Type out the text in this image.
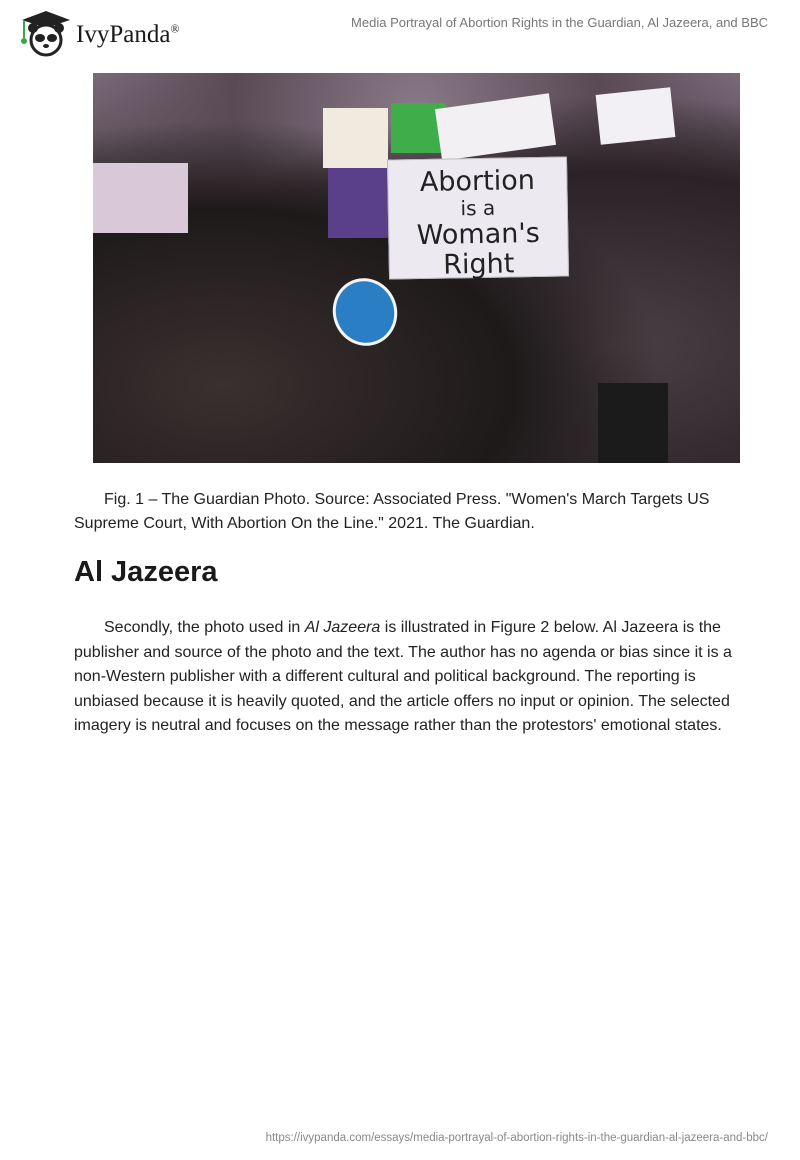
IvyPanda®	Media Portrayal of Abortion Rights in the Guardian, Al Jazeera, and BBC
Abortion
is a
Woman's Right
Fig. 1 – The Guardian Photo. Source: Associated Press. "Women's March Targets US Supreme Court, With Abortion On the Line." 2021. The Guardian.
Al Jazeera

Secondly, the photo used in Al Jazeera is illustrated in Figure 2 below. Al Jazeera is the publisher and source of the photo and the text. The author has no agenda or bias since it is a non-Western publisher with a different cultural and political background. The reporting is unbiased because it is heavily quoted, and the article offers no input or opinion. The selected imagery is neutral and focuses on the message rather than the protestors' emotional states.

https://ivypanda.com/essays/media-portrayal-of-abortion-rights-in-the-guardian-al-jazeera-and-bbc/
